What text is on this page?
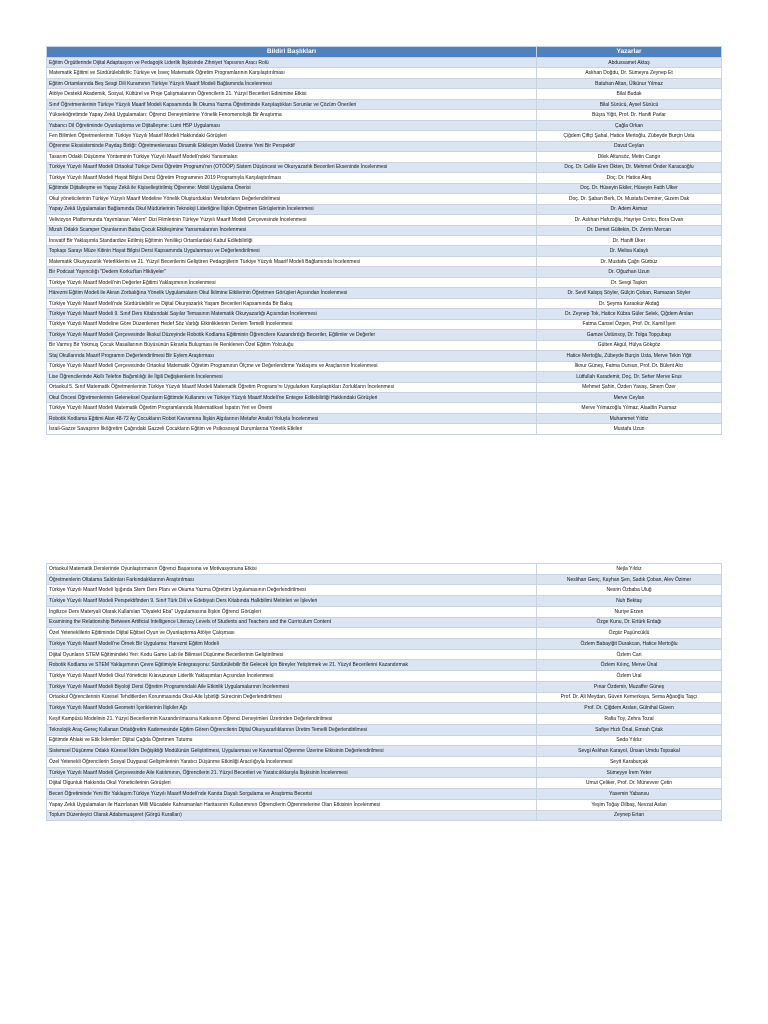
Bildiri Başlıkları	Yazarlar
Eğitim Örgütlerinde Dijital Adaptasyon ve Pedagojik Liderlik İlişkisinde Zihniyet Yapısının Aracı Rolü	Abdussamet Aktaş
Matematik Eğitimi ve Sürdürülebilirlik: Türkiye ve İsveç Matematik Öğretim Programlarının Karşılaştırılması	Aslıhan Doğdu, Dr. Sümeyra Zeynep Et
Eğitim Ortamlarında Beş Sesgi Dili Kuramının Türkiye Yüzyılı Maarif Modeli Bağlamında İncelenmesi	Batuhan Altan, Ülkünur Yılmaz
Atölye Destekli Akademik, Sosyal, Kültürel ve Proje Çalışmalarının Öğrencilerin 21. Yüzyıl Becerileri Edinimine Etkisi	Bilal Budak
Sınıf Öğretmenlerinin Türkiye Yüzyılı Maarif Modeli Kapsamında İlk Okuma Yazma Öğretiminde Karşılaştıkları Sorunlar ve Çözüm Önerileri	Bilal Sürücü, Aysel Sürücü
Yükseköğretimde Yapay Zekâ Uygulamaları: Öğrenci Deneyimlerine Yönelik Fenomenolojik Bir Araştırma	Büşra Yiğit, Prof. Dr. Hanifi Parlar
Yabancı Dil Öğretiminde Oyunlaştırma ve Dijitalleşme: Lumi H5P Uygulaması	Çağla Orkan
Fen Bilimleri Öğretmenlerinin Türkiye Yüzyılı Maarif Modeli Hakkındaki Görüşleri	Çiğdem Çiftçi Şahal, Hatice Mertoğlu, Zübeyde Burçin Usta
Öğrenme Ekosisteminde Paydaş Birliği: Öğretmenlerarası Dinamik Etkileşim Modeli Üzerine Yeni Bir Perspektif	Davut Ceylan
Tasarım Odaklı Düşünme Yönteminin Türkiye Yüzyılı Maarif Modeli'ndeki Yansımaları	Dilek Altunsöz, Metin Cangır
Türkiye Yüzyılı Maarif Modeli Ortaokul Türkçe Dersi Öğretim Programı'nın (OTÖÖP) Sistem Düşüncesi ve Okuryazarlık Becerileri Ekseninde İncelenmesi	Doç. Dr. Celile Eren Ökten, Dr. Mehmet Önder Karacaoğlu
Türkiye Yüzyılı Maarif Modeli Hayat Bilgisi Dersi Öğretim Programının 2019 Programıyla Karşılaştırılması	Doç. Dr. Hatice Ateş
Eğitimde Dijitalleşme ve Yapay Zekâ ile Kişiselleştirilmiş Öğrenme: Mobil Uygulama Önerisi	Doç. Dr. Hüseyin Ekiler, Hüseyin Fatih Ulker
Okul yöneticilerinin Türkiye Yüzyılı Maarif Modeline Yönelik Oluşturdukları Metaforların Değerlendirilmesi	Doç. Dr. Şaban Berk, Dr. Mustafa Demirer, Gizem Dak
Yapay Zekâ Uygulamaları Bağlamında Okul Müdürlerinin Teknoloji Liderliğine İlişkin Öğretmen Görüşlerinin İncelenmesi	Dr. Adem Asmaz
Velivizyon Platformunda Yayımlanan "Ailem" Dizi Filmlerinin Türkiye Yüzyılı Maarif Modeli Çerçevesinde İncelenmesi	Dr. Aslıhan Hafızoğlu, Hayriye Cırıtcı, Bora Civan
Mizah Odaklı Scamper Oyunlarının Baba Çocuk Etkileşimine Yansımalarının İncelenmesi	Dr. Demet Gültekin, Dr. Zerrin Mercan
İnovatif Bir Yaklaşımla Standardize Edilmiş Eğitimin Yenilikçi Ortamlardaki Kabul Edilebilirliği	Dr. Hanifi Üker
Topkapı Sarayı Müze Kitinin Hayat Bilgisi Dersi Kapsamında Uygulanması ve Değerlendirilmesi	Dr. Melisa Kalaylı
Matematik Okuryazarlık Yeterliklerini ve 21. Yüzyıl Becerilerini Geliştiren Pedagojilerin Türkiye Yüzyılı Maarif Modeli Bağlamında İncelenmesi	Dr. Mustafa Çağrı Gürbüz
Bir Podcast Yayıncılığı "Dedem Korkut'tan Hikâyeler"	Dr. Oğuzhan Uzun
Türkiye Yüzyılı Maarif Modeli'nin Değerler Eğitimi Yaklaşımının İncelenmesi	Dr. Sevgi Taşkın
Härezmi Eğitim Modeli ile Akran Zorbalığına Yönelik Uygulamaların Okul İklimine Etkilerinin Öğretmen Görüşleri Açısından İncelenmesi	Dr. Sevil Kalspş Söyler, Gülçin Çoban, Ramazan Söyler
Türkiye Yüzyılı Maarif Modeli'nde Sürdürülebilir ve Dijital Okuryazarlık Yaşam Becerileri Kapsamında Bir Bakış	Dr. Şeyma Karaokur Akdağ
Türkiye Yüzyılı Maarif Modeli 9. Sınıf Ders Kitabındaki Sayılar Temasının Matematik Okuryazarlığı Açısından İncelenmesi	Dr. Zeynep Tok, Hatice Kübra Güler Selek, Çiğdem Arslan
Türkiye Yüzyılı Maarif Modeline Göre Düzenlenen Hedef Söz Varlığı Etkinliklerinin Derlem Temelli İncelenmesi	Fatma Cansel Özgen, Prof. Dr. Kamil İşeri
Türkiye Yüzyılı Maarif Modeli Çerçevesinde İlkokul Düzeyinde Robotik Kodlama Eğitiminin Öğrencilere Kazandırdığı Beceriler, Eğilimler ve Değerler	Gamze Üstünsoy, Dr. Tolga Topçubaşı
Bir Varmış Bir Yokmuş Çocuk Masallarının Büyüsünün Ekranla Buluşması ile Renklenen Özel Eğitim Yolculuğu	Gülten Akgül, Hülya Gökgöz
Staj Okullarında Maarif Programın Değerlendirilmesi Bir Eylem Araştırması	Hatice Mertoğlu, Zübeyde Burçin Usta, Merve Tekin Yiğit
Türkiye Yüzyılı Maarif Modeli Çerçevesinde Ortaokul Matematik Öğretim Programının Ölçme ve Değerlendirme Yaklaşımı ve Araçlarının İncelenmesi	İlknur Güneş, Fatma Dursun, Prof. Dr. Bülent Alcı
Lise Öğrencilerinde Akıllı Telefon Bağımlılığı ile İlgili Değişkenlerin İncelenmesi	Lütfullah Karademir, Doç. Dr. Seher Merve Erus
Ortaokul 5. Sınıf Matematik Öğretmenlerinin Türkiye Yüzyılı Maarif Modeli Matematik Öğretim Programı'nı Uygularken Karşılaştıkları Zorlukların İncelenmesi	Mehmet Şahin, Özden Yavaş, Sinem Özer
Okul Öncesi Öğretmenlerinin Geleneksel Oyunların Eğitimde Kullanımı ve Türkiye Yüzyılı Maarif Modeli'ne Entegre Edilebilirliği Hakkındaki Görüşleri	Merve Ceylan
Türkiye Yüzyılı Maarif Modeli Matematik Öğretim Programlarında Matematiksel İspatın Yeri ve Önemi	Merve Yılmazoğlu Yılmaz, Alaattin Pusmaz
Robotik Kodlama Eğitimi Alan 48-72 Ay Çocukların Robot Kavramına İlişkin Algılarının Metafor Analizi Yoluyla İncelenmesi	Muhammet Yıldız
İsrail-Gazze Savaşının İlköğretim Çağındaki Gazzeli Çocukların Eğitim ve Psikososyal Durumlarına Yönelik Etkileri	Mustafa Uzun
Ortaokul Matematik Derslerinde Oyunlaştırmanın Öğrenci Başarısına ve Motivasyonuna Etkisi	Nejla Yıldız
Öğretmenlerin Oltalama Saldırıları Farkındalıklarının Araştırılması	Neslihan Genç, Kayhan Şen, Sadık Çoban, Alev Özimer
Türkiye Yüzyılı Maarif Modeli Işığında Stem Ders Planı ve Okuma Yazma Öğretimi Uygulamasının Değerlendirilmesi	Nesrin Özbaba Uluğ
Türkiye Yüzyılı Maarif Modeli Perspektifinden 9. Sınıf Türk Dili ve Edebiyatı Ders Kitabında Halkbilimi Metinleri ve İşlevleri	Nuh Bektaş
İngilizce Ders Materyali Olarak Kullanılan "Diyalekt Eba" Uygulamasına İlişkin Öğrenci Görüşleri	Nuriye Erzen
Examining the Relationship Between Artificial Intelligence Literacy Levels of Students and Teachers and the Curriculum Content	Özge Kunu, Dr. Ertürk Erdağı
Özel Yeteneklilerin Eğitiminde Dijital Eğitsel Oyun ve Oyunlaştırma Atölye Çalışması	Özgür Paşüncüklü
Türkiye Yüzyılı Maarif Modeli'ne Örnek Bir Uygulama: Harezmi Eğitim Modeli	Özlem Babayiğit Durakcan, Hatice Mertoğlu
Dijital Oyunların STEM Eğitimindeki Yeri: Kodu Game Lab ile Bilimsel Düşünme Becerilerinin Geliştirilmesi	Özlem Can
Robotik Kodlama ve STEM Yaklaşımının Çevre Eğitimiyle Entegrasyonu: Sürdürülebilir Bir Gelecek İçin Bireyler Yetiştirmek ve 21. Yüzyıl Becerilerini Kazandırmak	Özlem Kılınç, Merve Ünal
Türkiye Yüzyılı Maarif Modeli Okul Yöneticisi Kılavuzunun Liderlik Yaklaşımları Açısından İncelenmesi	Özlem Ural
Türkiye Yüzyılı Maarif Modeli Biyoloji Dersi Öğretim Programındaki Aile Etkinlik Uygulamalarının İncelenmesi	Pınar Özdemir, Muzaffer Güneş
Ortaokul Öğrencilerinin Küresel Tehditlerden Korunmasında Okul-Aile İşbirliği Sürecinin Değerlendirilmesi	Prof. Dr. Ali Meydan, Güven Kemerkaya, Sema Ağaoğlu Taşçı
Türkiye Yüzyılı Maarif Modeli Geometri İçeriklerinin İlişkiler Ağı	Prof. Dr. Çiğdem Arslan, Gülnihal Güven
Keşif Kampüsü Modelinin 21. Yüzyıl Becerilerinin Kazandırılmasına Katkısının Öğrenci Deneyimleri Üzerinden Değerlendirilmesi	Rafia Toy, Zehra Tozal
Teknolojik Araç-Gereç Kullanan Ortaöğretim Kademesinde Eğitim Gören Öğrencilerin Dijital Okuryazarlıklarının Üretim Temelli Değerlendirilmesi	Safiye Hızlı Önal, Emrah Çıtak
Eğitimde Ahlaki ve Etik İkilemler: Dijital Çağda Öğretmen Tutumu	Seda Yıldız
Sistemsel Düşünme Odaklı Küresel İklim Değişikliği Modülünün Geliştirilmesi, Uygulanması ve Kavramsal Öğrenme Üzerine Etkisinin Değerlendirilmesi	Sevgi Aslıhan Karayol, Ünsan Umdu Topsakal
Özel Yetenekli Öğrencilerin Sosyal Duygusal Gelişimlerinin Yaratıcı Düşünme Etkinliği Aracılığıyla İncelenmesi	Seyit Karaburçak
Türkiye Yüzyılı Maarif Modeli Çerçevesinde Aile Katılımının, Öğrencilerin 21. Yüzyıl Becerileri ve Yaratıcılıklarıyla İlişkisinin İncelenmesi	Sümeyye İrem Yeter
Dijital Olgunluk Hakkında Okul Yöneticilerinin Görüşleri	Umut Çeliker, Prof. Dr. Münevver Çetin
Beceri Öğretiminde Yeni Bir Yaklaşım:Türkiye Yüzyılı Maarif Modeli'nde Kanıta Dayalı Sorgulama ve Araştırma Becerisi	Yasemin Yabansu
Yapay Zekâ Uygulamaları ile Hazırlanan Milli Mücadele Kahramanları Haritasının Kullanımının Öğrencilerin Öğrenmelerine Olan Etkisinin İncelenmesi	Yeşim Toğay Dilbaş, Nevzat Aslan
Toplum Düzenleyici Olarak Adabımuaşeret (Görgü Kuralları)	Zeynep Ertan
